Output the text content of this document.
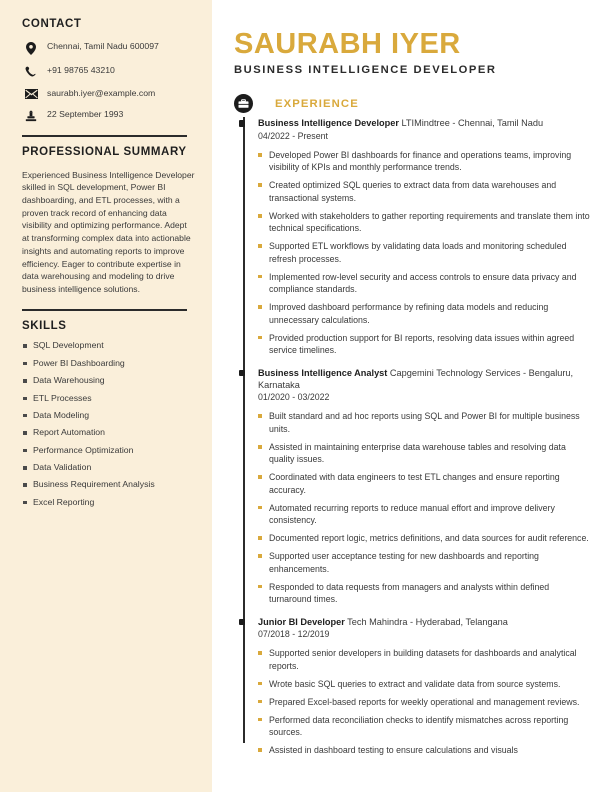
CONTACT
Chennai, Tamil Nadu 600097
+91 98765 43210
saurabh.iyer@example.com
22 September 1993
PROFESSIONAL SUMMARY

Experienced Business Intelligence Developer skilled in SQL development, Power BI dashboarding, and ETL processes, with a proven track record of enhancing data visibility and optimizing performance. Adept at transforming complex data into actionable insights and automating reports to improve efficiency. Eager to contribute expertise in data warehousing and modeling to drive business intelligence solutions.

SKILLS
SQL Development
Power BI Dashboarding
Data Warehousing
ETL Processes
Data Modeling
Report Automation
Performance Optimization
Data Validation
Business Requirement Analysis
Excel Reporting
SAURABH IYER
BUSINESS INTELLIGENCE DEVELOPER
EXPERIENCE
Business Intelligence Developer LTIMindtree - Chennai, Tamil Nadu
04/2022 - Present
Developed Power BI dashboards for finance and operations teams, improving visibility of KPIs and monthly performance trends.
Created optimized SQL queries to extract data from data warehouses and transactional systems.
Worked with stakeholders to gather reporting requirements and translate them into technical specifications.
Supported ETL workflows by validating data loads and monitoring scheduled refresh processes.
Implemented row-level security and access controls to ensure data privacy and compliance standards.
Improved dashboard performance by refining data models and reducing unnecessary calculations.
Provided production support for BI reports, resolving data issues within agreed service timelines.
Business Intelligence Analyst Capgemini Technology Services - Bengaluru, Karnataka
01/2020 - 03/2022
Built standard and ad hoc reports using SQL and Power BI for multiple business units.
Assisted in maintaining enterprise data warehouse tables and resolving data quality issues.
Coordinated with data engineers to test ETL changes and ensure reporting accuracy.
Automated recurring reports to reduce manual effort and improve delivery consistency.
Documented report logic, metrics definitions, and data sources for audit reference.
Supported user acceptance testing for new dashboards and reporting enhancements.
Responded to data requests from managers and analysts within defined turnaround times.
Junior BI Developer Tech Mahindra - Hyderabad, Telangana
07/2018 - 12/2019
Supported senior developers in building datasets for dashboards and analytical reports.
Wrote basic SQL queries to extract and validate data from source systems.
Prepared Excel-based reports for weekly operational and management reviews.
Performed data reconciliation checks to identify mismatches across reporting sources.
Assisted in dashboard testing to ensure calculations and visuals
